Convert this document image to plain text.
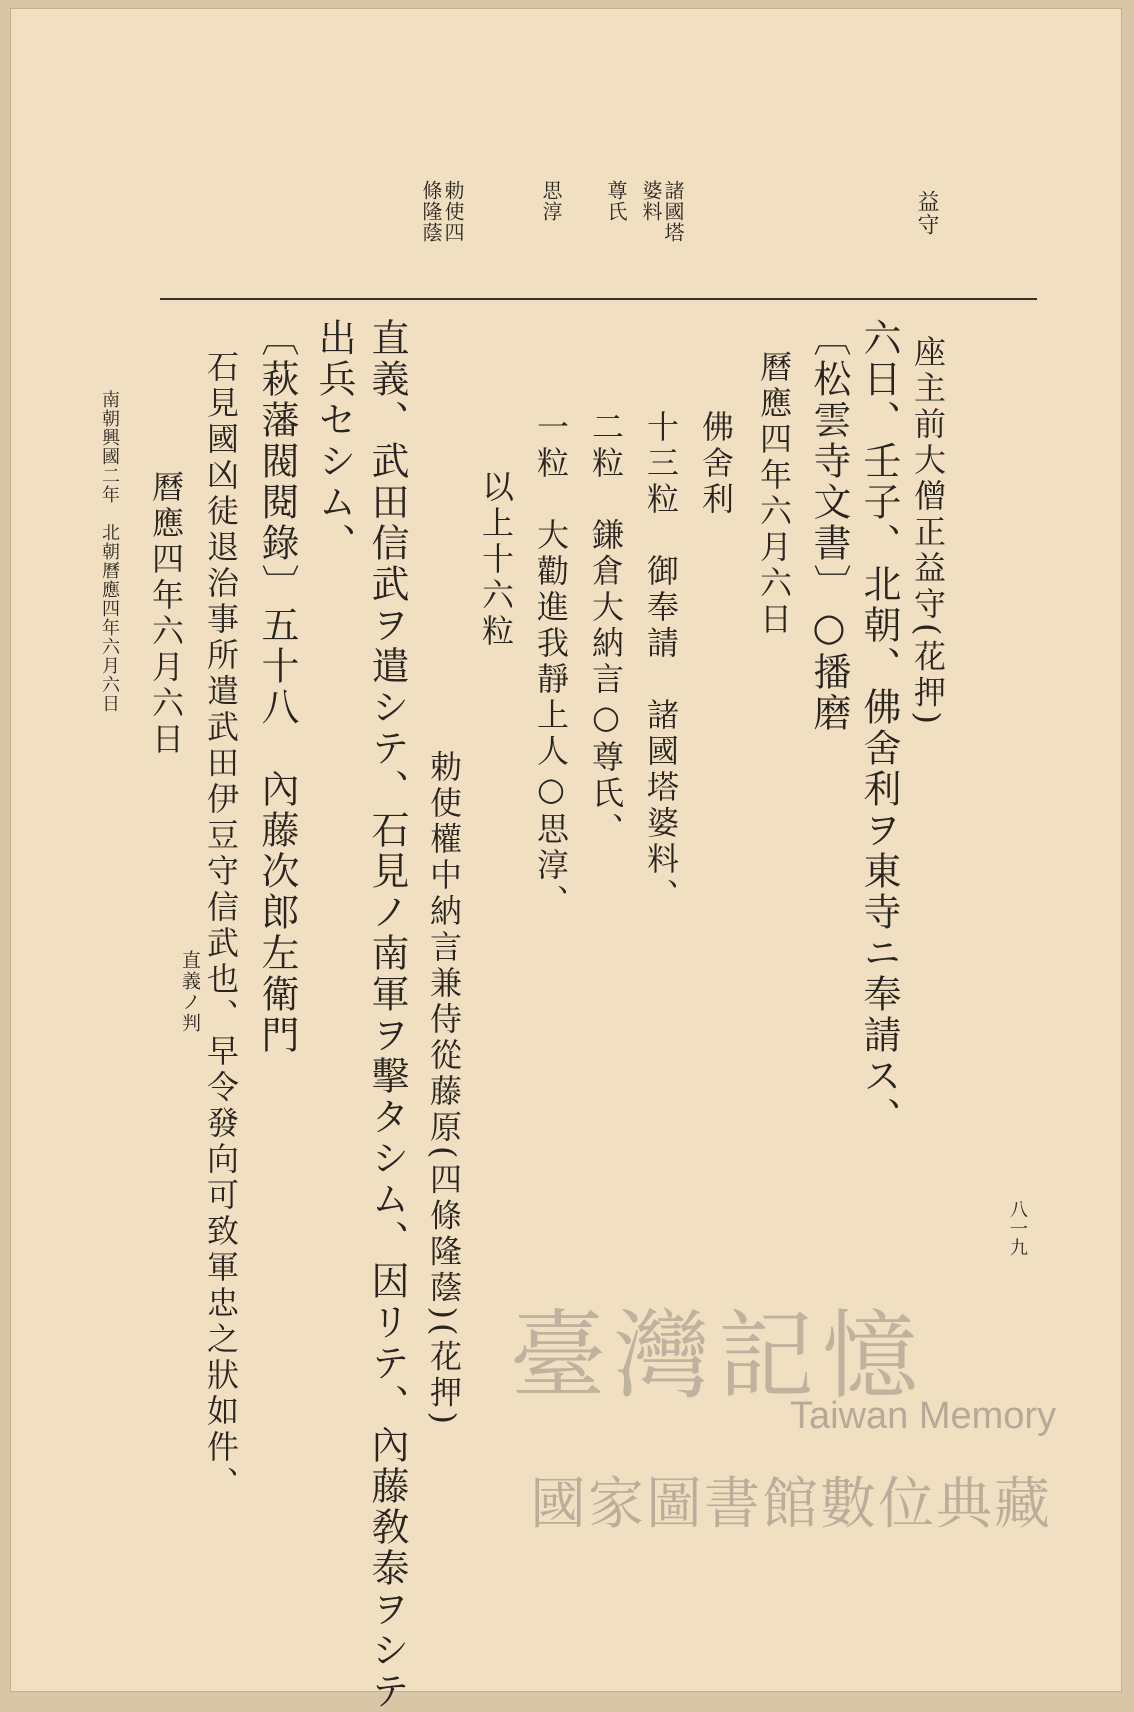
益守
諸國塔婆料
尊氏
思淳
勅使四條隆蔭
座主前大僧正益守(花押)
六日、壬子、北朝、佛舍利ヲ東寺ニ奉請ス、
〔松雲寺文書〕○播磨
曆應四年六月六日
佛舍利
十三粒　御奉請　諸國塔婆料、
二粒　鎌倉大納言○尊氏、
一粒　大勸進我靜上人○思淳、
以上十六粒
勅使權中納言兼侍從藤原(四條隆蔭)(花押)
直義、武田信武ヲ遣シテ、石見ノ南軍ヲ擊タシム、因リテ、內藤敎泰ヲシテ
出兵セシム、
〔萩藩閥閱錄〕五十八　內藤次郎左衛門
直義ノ判 石見國凶徒退治事所遣武田伊豆守信武也、早令發向可致軍忠之狀如件、
曆應四年六月六日
南朝興國二年　北朝曆應四年六月六日
八一九
臺灣記憶
Taiwan Memory
國家圖書館數位典藏
